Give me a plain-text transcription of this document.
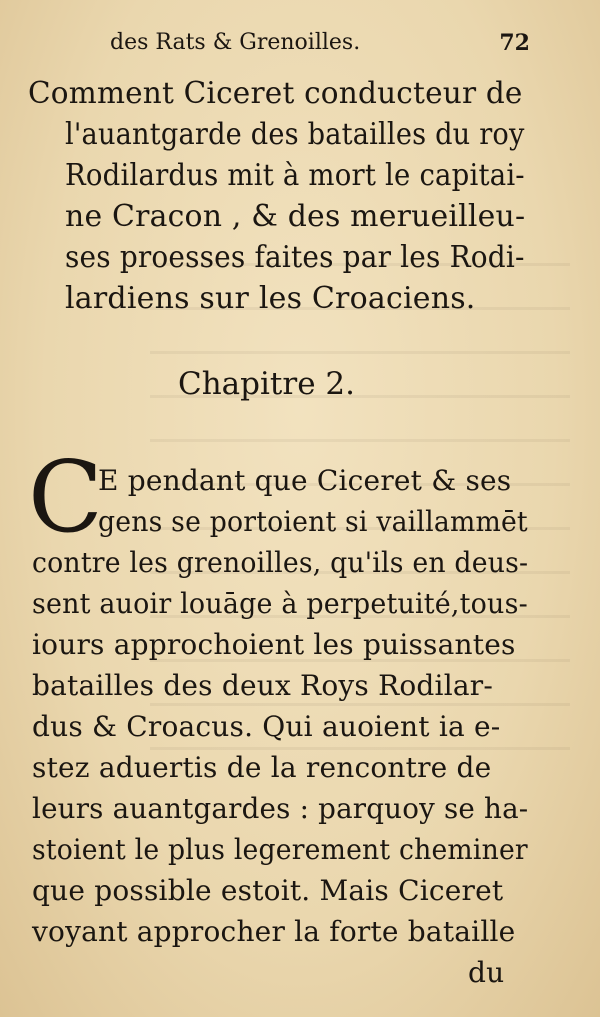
des Rats & Grenoilles.	72
Comment Ciceret conducteur de
l'auantgarde des batailles du roy
Rodilardus mit à mort le capitai-
ne Cracon , & des merueilleu-
ses proesses faites par les Rodi-
lardiens sur les Croaciens.
Chapitre 2.
C
E pendant que Ciceret & ses
gens se portoient si vaillammēt
contre les grenoilles, qu'ils en deus-
sent auoir louāge à perpetuité,tous-
iours approchoient les puissantes
batailles des deux Roys Rodilar-
dus & Croacus. Qui auoient ia e-
stez aduertis de la rencontre de
leurs auantgardes : parquoy se ha-
stoient le plus legerement cheminer
que possible estoit. Mais Ciceret
voyant approcher la forte bataille
du
